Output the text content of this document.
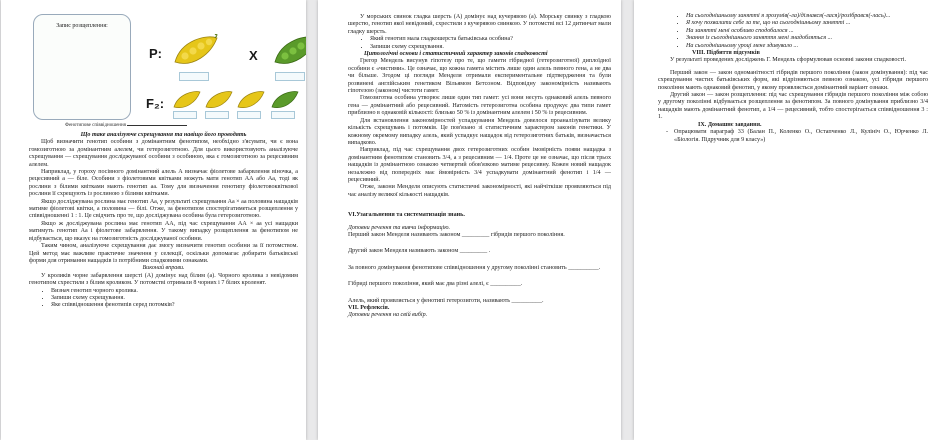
Запис розщеплення:
P:	X
F₂:
Фенотипове співвідношення

Що таке аналізуюче схрещування та навіщо його проводять

Щоб визначити генотип особини з домінантним фенотипом, необхідно з'ясувати, чи є вона гомозиготною за домінантним алелем, чи гетерозиготною. Для цього використовують аналізуюче схрещування — схрещування досліджуваної особини з особиною, яка є гомозиготною за рецесивним алелем.

Наприклад, у гороху посівного домінантний алель А визначає фіолетове забарвлення віночка, а рецесивний а — біле. Особини з фіолетовими квітками можуть мати генотип АА або Аа, тоді як рослини з білими квітками мають генотип аа. Тому для визначення генотипу фіолетовоквіткової рослини її схрещують із рослиною з білими квітками.

Якщо досліджувана рослина має генотип Аа, у результаті схрещування Аа × аа половина нащадків матиме фіолетові квітки, а половина — білі. Отже, за фенотипом спостерігатиметься розщеплення у співвідношенні 1 : 1. Це свідчить про те, що досліджувана особина була гетерозиготною.

Якщо ж досліджувана рослина має генотип АА, під час схрещування АА × аа усі нащадки матимуть генотип Аа і фіолетове забарвлення. У такому випадку розщеплення за фенотипом не відбувається, що вказує на гомозиготність досліджуваної особини.

Таким чином, аналізуюче схрещування дає змогу визначити генотип особини за її потомством. Цей метод має важливе практичне значення у селекції, оскільки допомагає добирати батьківські форми для отримання нащадків із потрібними спадковими ознаками.

Виконай вправи.

У кроликів чорне забарвлення шерсті (А) домінує над білим (а). Чорного кролика з невідомим генотипом схрестили з білим кроликом. У потомстві отримали 8 чорних і 7 білих кроленят.

• Визнач генотип чорного кролика.
• Запиши схему схрещування.
• Яке співвідношення фенотипів серед потомків?

У морських свинок гладка шерсть (А) домінує над кучерявою (а). Морську свинку з гладкою шерстю, генотип якої невідомий, схрестили з кучерявою свинкою. У потомстві всі 12 дитинчат мали гладку шерсть.

• Який генотип мала гладкошерста батьківська особина?
• Запиши схему схрещування.

Цитологічні основи і статистичний характер законів спадковості

Грегор Мендель висунув гіпотезу про те, що гамети гібридної (гетерозиготної) диплоїдної особини є «чистими». Це означає, що кожна гамета містить лише один алель певного гена, а не два чи більше. Згодом ці погляди Менделя отримали експериментальне підтвердження та були розвинені англійським генетиком Вільямом Бетсоном. Відповідну закономірність називають гіпотезою (законом) чистоти гамет.

Гомозиготна особина утворює лише один тип гамет: усі вони несуть однаковий алель певного гена — домінантний або рецесивний. Натомість гетерозиготна особина продукує два типи гамет приблизно в однаковій кількості: близько 50 % із домінантним алелем і 50 % із рецесивним.

Для встановлення закономірностей успадкування Мендель довелося проаналізувати велику кількість схрещувань і потомків. Це пов'язано зі статистичним характером законів генетики. У кожному окремому випадку алель, який успадкує нащадок від гетерозиготних батьків, визначається випадково.

Наприклад, під час схрещування двох гетерозиготних особин імовірність появи нащадка з домінантним фенотипом становить 3/4, а з рецесивним — 1/4. Проте це не означає, що після трьох нащадків із домінантною ознакою четвертий обов'язково матиме рецесивну. Кожен новий нащадок незалежно від попередніх має ймовірність 3/4 успадкувати домінантний фенотип і 1/4 — рецесивний.

Отже, закони Менделя описують статистичні закономірності, які найчіткіше проявляються під час аналізу великої кількості нащадків.

VI.Узагальнення та систематизація знань.

Доповни речення та вивчи інформацію.

Перший закон Менделя називають законом _________ гібридів першого покоління.

Другий закон Менделя називають законом _________ .

За повного домінування фенотипове співвідношення у другому поколінні становить __________.

Гібриді першого покоління, який має два різні алелі, є __________.

Алель, який проявляється у фенотипі гетерозиготи, називають __________.

VII. Рефлексія.

Доповни речення на свій вибір.

• На сьогоднішньому занятті я зрозумів(-ла)/дізнався(-лася)/розібрався(-лась)...
• Я хочу похвалити себе за те, що на сьогоднішньому занятті ...
• На занятті мені особливо сподобалося ...
• Знання із сьогоднішнього заняття мені знадобляться ...
• На сьогоднішньому уроці мене здивувало ...

VIII. Підбиття підсумків

У результаті проведених досліджень Г. Мендель сформулював основні закони спадковості.

Перший закон — закон одноманітності гібридів першого покоління (закон домінування): під час схрещування чистих батьківських форм, які відрізняються певною ознакою, усі гібриди першого покоління мають однаковий фенотип, у якому проявляється домінантний варіант ознаки.

Другий закон — закон розщеплення: під час схрещування гібридів першого покоління між собою у другому поколінні відбувається розщеплення за фенотипом. За повного домінування приблизно 3/4 нащадків мають домінантний фенотип, а 1/4 — рецесивний, тобто спостерігається співвідношення 3 : 1.

IX. Домашнє завдання.

- Опрацювати параграф 33 (Балан П., Коленко О., Остапченко Л., Кулініч О., Юрченко Л. «Біологія. Підручник для 9 класу»)
